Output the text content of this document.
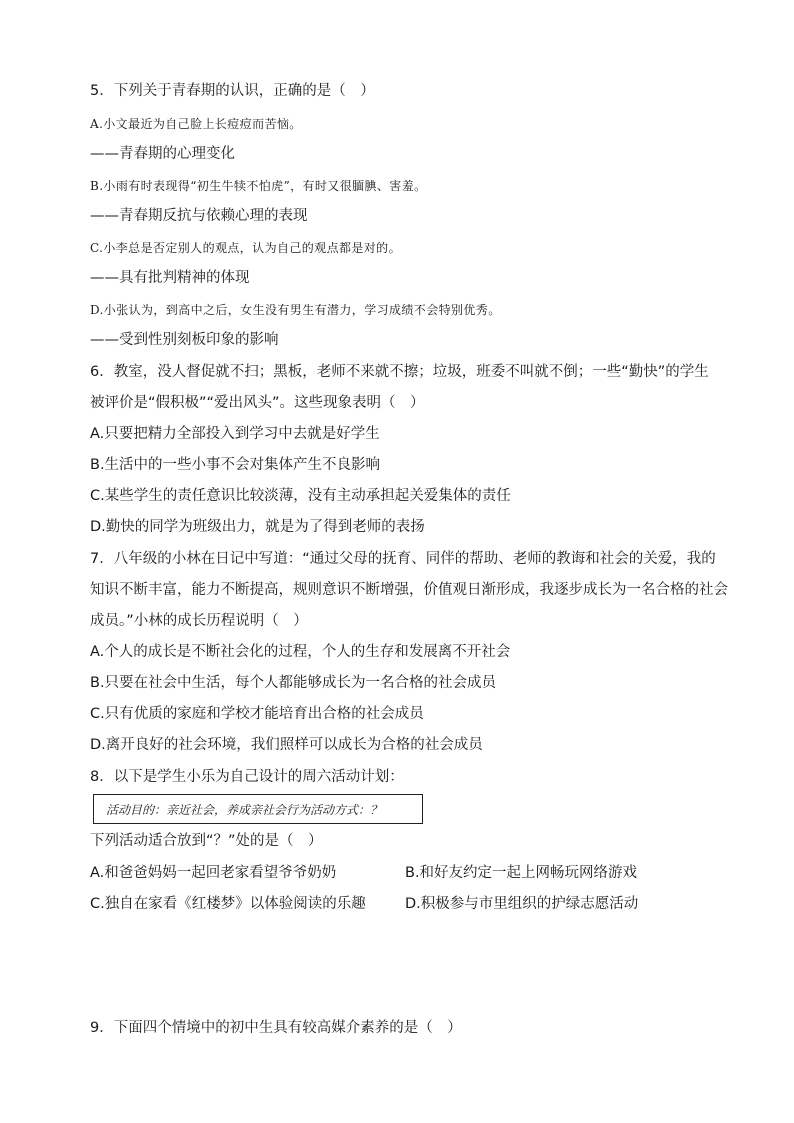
5．下列关于青春期的认识，正确的是（　）
A.小文最近为自己脸上长痘痘而苦恼。
——青春期的心理变化
B.小雨有时表现得“初生牛犊不怕虎”，有时又很腼腆、害羞。
——青春期反抗与依赖心理的表现
C.小李总是否定别人的观点，认为自己的观点都是对的。
——具有批判精神的体现
D.小张认为，到高中之后，女生没有男生有潜力，学习成绩不会特别优秀。
——受到性别刻板印象的影响
6．教室，没人督促就不扫；黑板，老师不来就不擦；垃圾，班委不叫就不倒；一些“勤快”的学生
被评价是“假积极”“爱出风头”。这些现象表明（　）
A.只要把精力全部投入到学习中去就是好学生
B.生活中的一些小事不会对集体产生不良影响
C.某些学生的责任意识比较淡薄，没有主动承担起关爱集体的责任
D.勤快的同学为班级出力，就是为了得到老师的表扬
7．八年级的小林在日记中写道：“通过父母的抚育、同伴的帮助、老师的教诲和社会的关爱，我的
知识不断丰富，能力不断提高，规则意识不断增强，价值观日渐形成，我逐步成长为一名合格的社会
成员。”小林的成长历程说明（　）
A.个人的成长是不断社会化的过程，个人的生存和发展离不开社会
B.只要在社会中生活，每个人都能够成长为一名合格的社会成员
C.只有优质的家庭和学校才能培育出合格的社会成员
D.离开良好的社会环境，我们照样可以成长为合格的社会成员
8．以下是学生小乐为自己设计的周六活动计划：
活动目的：亲近社会，养成亲社会行为活动方式：？
下列活动适合放到“？”处的是（　）
A.和爸爸妈妈一起回老家看望爷爷奶奶	B.和好友约定一起上网畅玩网络游戏
C.独自在家看《红楼梦》以体验阅读的乐趣	D.积极参与市里组织的护绿志愿活动
9．下面四个情境中的初中生具有较高媒介素养的是（　）
